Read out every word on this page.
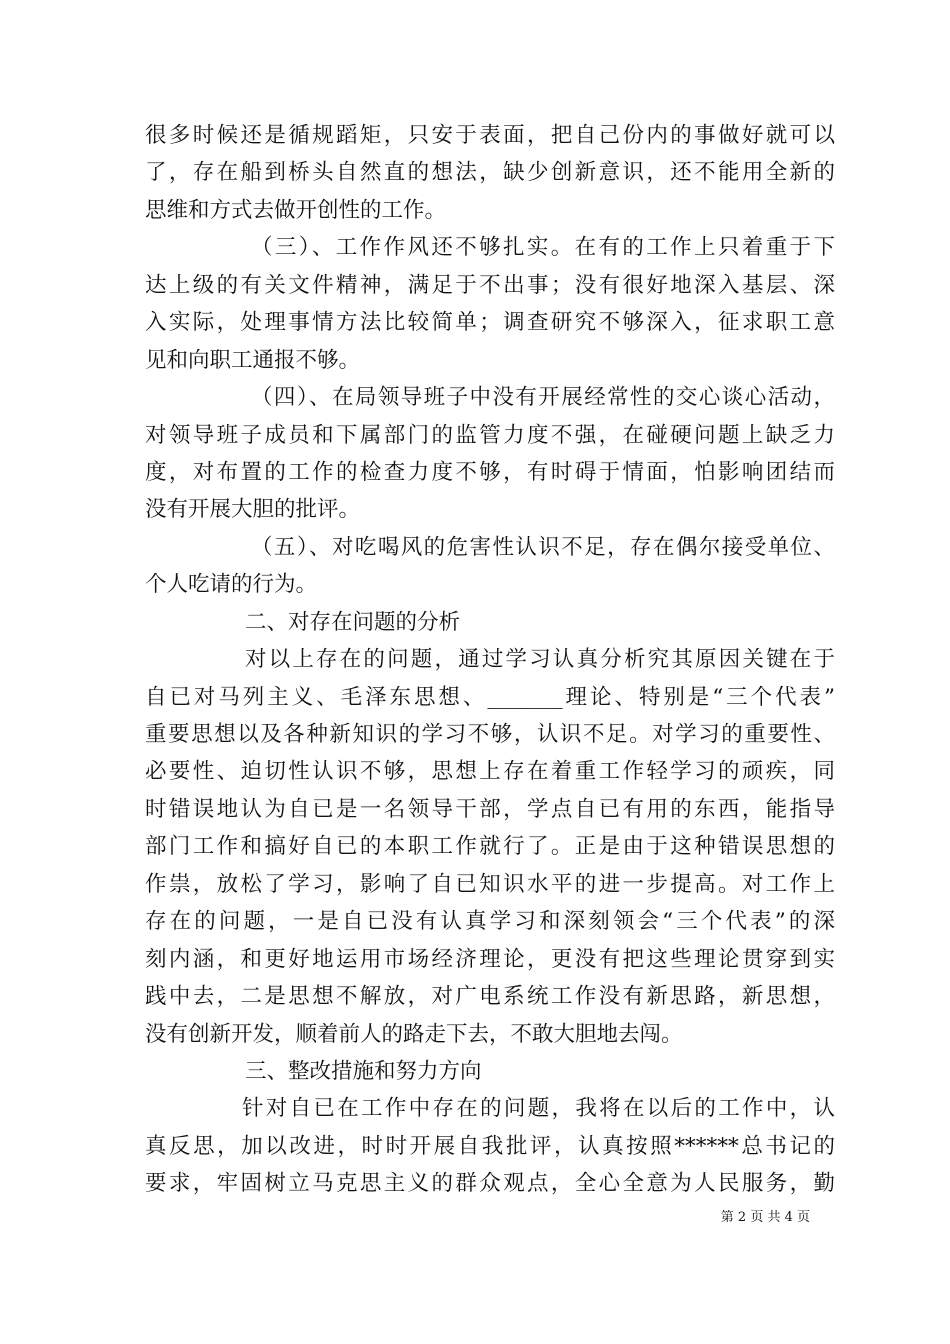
很多时候还是循规蹈矩，只安于表面，把自己份内的事做好就可以
了，存在船到桥头自然直的想法，缺少创新意识，还不能用全新的
思维和方式去做开创性的工作。
（三）、工作作风还不够扎实。在有的工作上只着重于下
达上级的有关文件精神，满足于不出事；没有很好地深入基层、深
入实际，处理事情方法比较简单；调查研究不够深入，征求职工意
见和向职工通报不够。
（四）、在局领导班子中没有开展经常性的交心谈心活动，
对领导班子成员和下属部门的监管力度不强，在碰硬问题上缺乏力
度，对布置的工作的检查力度不够，有时碍于情面，怕影响团结而
没有开展大胆的批评。
（五）、对吃喝风的危害性认识不足，存在偶尔接受单位、
个人吃请的行为。
二、对存在问题的分析
对以上存在的问题，通过学习认真分析究其原因关键在于
自已对马列主义、毛泽东思想、_______理论、特别是“三个代表”
重要思想以及各种新知识的学习不够，认识不足。对学习的重要性、
必要性、迫切性认识不够，思想上存在着重工作轻学习的顽疾，同
时错误地认为自已是一名领导干部，学点自已有用的东西，能指导
部门工作和搞好自已的本职工作就行了。正是由于这种错误思想的
作祟，放松了学习，影响了自已知识水平的进一步提高。对工作上
存在的问题，一是自已没有认真学习和深刻领会“三个代表”的深
刻内涵，和更好地运用市场经济理论，更没有把这些理论贯穿到实
践中去，二是思想不解放，对广电系统工作没有新思路，新思想，
没有创新开发，顺着前人的路走下去，不敢大胆地去闯。
三、整改措施和努力方向
针对自已在工作中存在的问题，我将在以后的工作中，认
真反思，加以改进，时时开展自我批评，认真按照******总书记的
要求，牢固树立马克思主义的群众观点，全心全意为人民服务，勤
第 2 页 共 4 页
